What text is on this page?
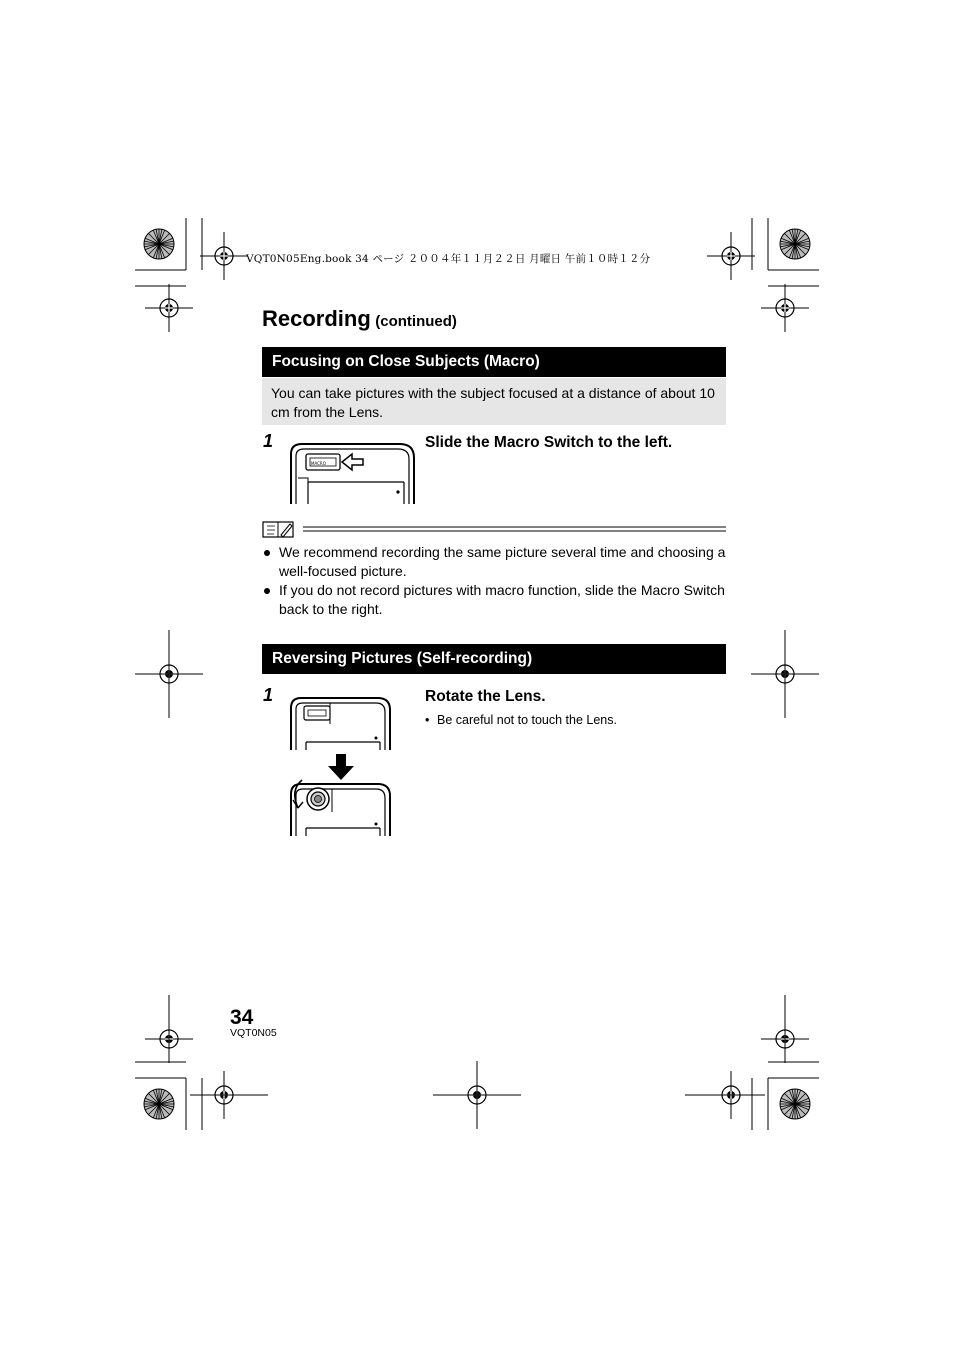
VQT0N05Eng.book 34 ページ ２００４年１１月２２日 月曜日 午前１０時１２分
Recording (continued)
Focusing on Close Subjects (Macro)
You can take pictures with the subject focused at a distance of about 10 cm from the Lens.
1	Slide the Macro Switch to the left.
MACRO
We recommend recording the same picture several time and choosing a well-focused picture.
If you do not record pictures with macro function, slide the Macro Switch back to the right.
Reversing Pictures (Self-recording)
1	Rotate the Lens.
• Be careful not to touch the Lens.
34
VQT0N05
